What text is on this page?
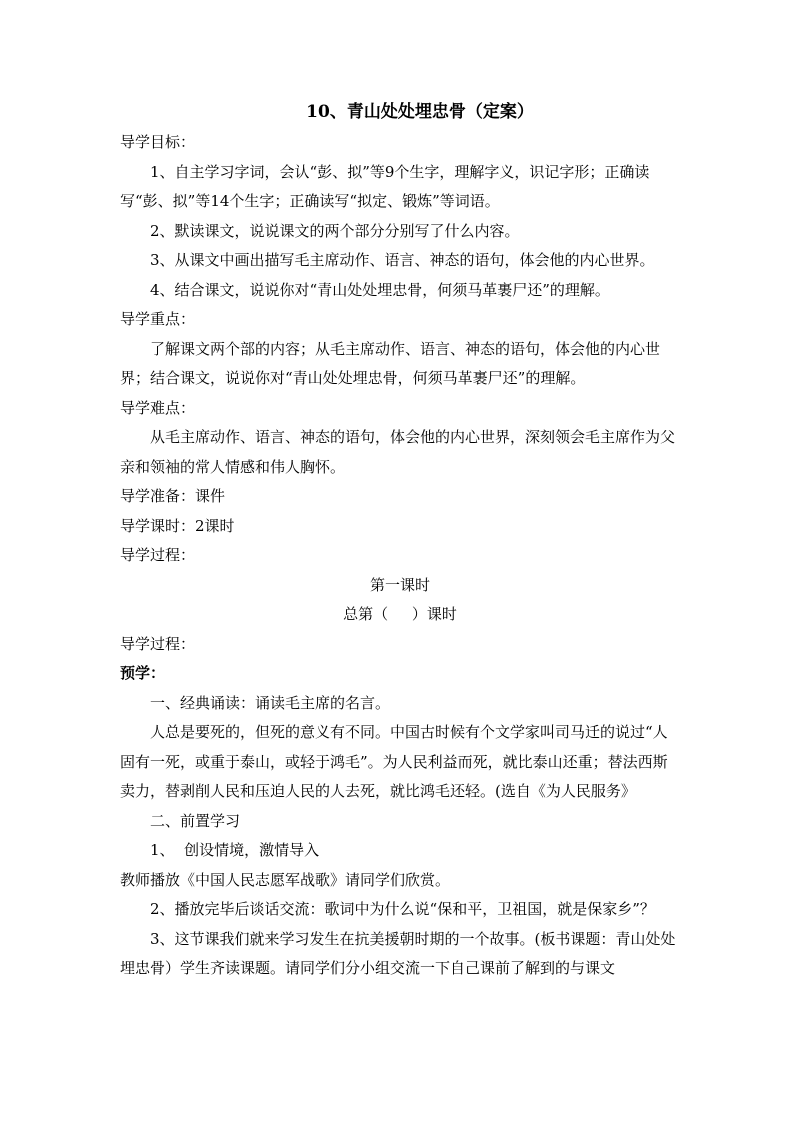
10、青山处处埋忠骨（定案）

导学目标：

1、自主学习字词，会认“彭、拟”等9个生字，理解字义，识记字形；正确读写“彭、拟”等14个生字；正确读写“拟定、锻炼”等词语。

2、默读课文，说说课文的两个部分分别写了什么内容。

3、从课文中画出描写毛主席动作、语言、神态的语句，体会他的内心世界。

4、结合课文，说说你对“青山处处埋忠骨，何须马革裹尸还”的理解。

导学重点：

了解课文两个部的内容；从毛主席动作、语言、神态的语句，体会他的内心世界；结合课文，说说你对“青山处处埋忠骨，何须马革裹尸还”的理解。

导学难点：

从毛主席动作、语言、神态的语句，体会他的内心世界，深刻领会毛主席作为父亲和领袖的常人情感和伟人胸怀。

导学准备：课件

导学课时：2课时

导学过程：

第一课时

总第（     ）课时

导学过程：

预学：

一、经典诵读：诵读毛主席的名言。

人总是要死的，但死的意义有不同。中国古时候有个文学家叫司马迁的说过“人固有一死，或重于泰山，或轻于鸿毛”。为人民利益而死，就比泰山还重；替法西斯卖力，替剥削人民和压迫人民的人去死，就比鸿毛还轻。(选自《为人民服务》

二、前置学习

1、  创设情境，激情导入

教师播放《中国人民志愿军战歌》请同学们欣赏。

2、播放完毕后谈话交流：歌词中为什么说“保和平，卫祖国，就是保家乡”？

3、这节课我们就来学习发生在抗美援朝时期的一个故事。(板书课题：青山处处埋忠骨）学生齐读课题。请同学们分小组交流一下自己课前了解到的与课文
